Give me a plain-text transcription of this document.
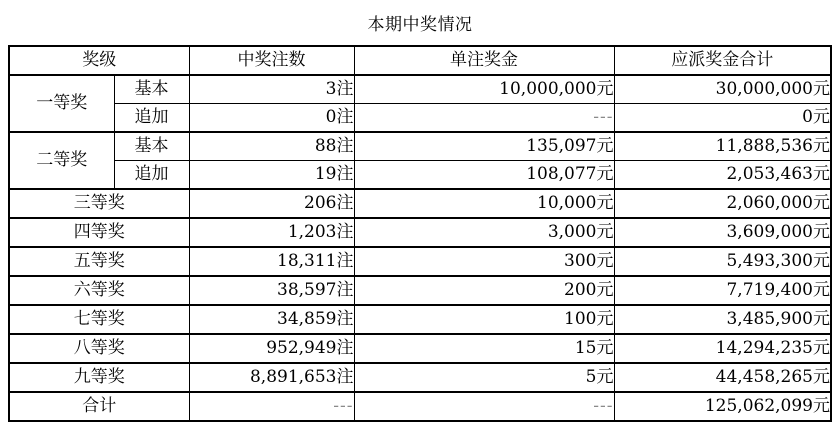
本期中奖情况
奖级		中奖注数	单注奖金	应派奖金合计
一等奖	基本	3注	10,000,000元	30,000,000元
	追加	0注	---	0元
二等奖	基本	88注	135,097元	11,888,536元
	追加	19注	108,077元	2,053,463元
三等奖		206注	10,000元	2,060,000元
四等奖		1,203注	3,000元	3,609,000元
五等奖		18,311注	300元	5,493,300元
六等奖		38,597注	200元	7,719,400元
七等奖		34,859注	100元	3,485,900元
八等奖		952,949注	15元	14,294,235元
九等奖		8,891,653注	5元	44,458,265元
合计		---	---	125,062,099元
